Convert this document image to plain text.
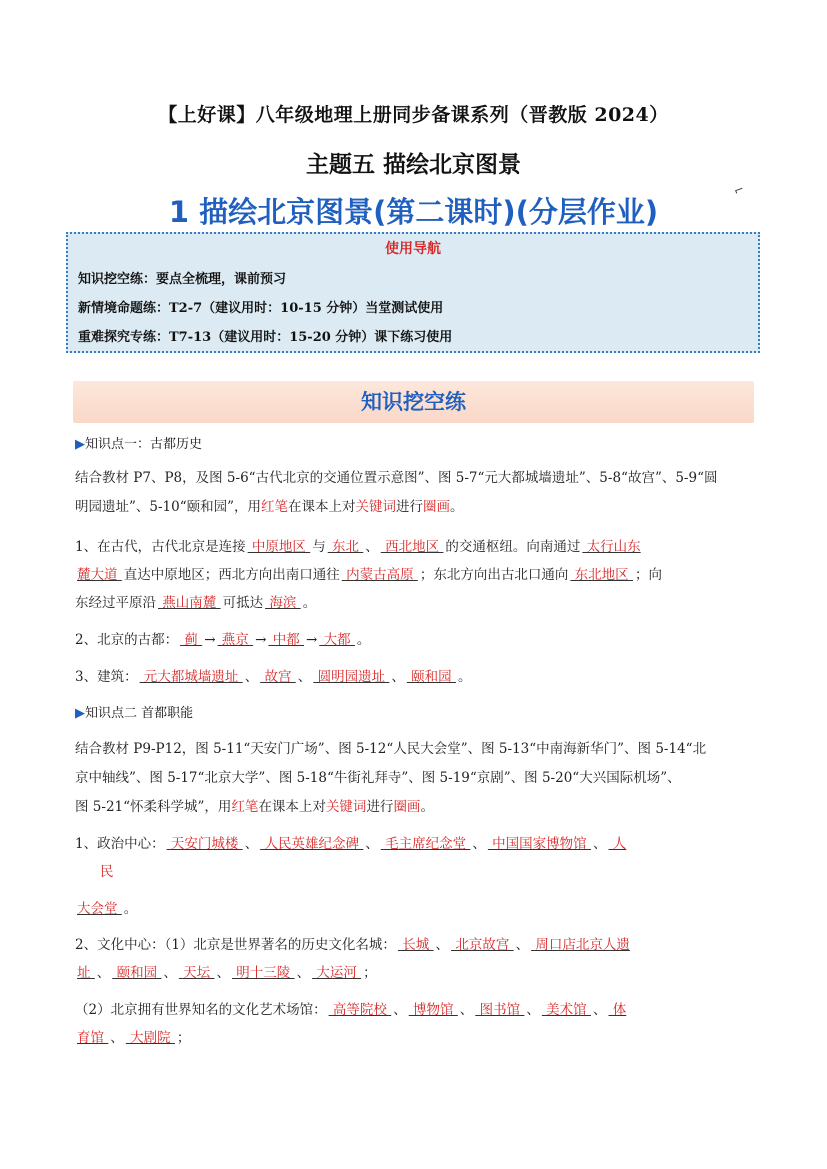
【上好课】八年级地理上册同步备课系列（晋教版 2024）
主题五 描绘北京图景
1 描绘北京图景(第二课时)(分层作业)
⌐
使用导航
知识挖空练：要点全梳理，课前预习
新情境命题练：T2-7（建议用时：10-15 分钟）当堂测试使用
重难探究专练：T7-13（建议用时：15-20 分钟）课下练习使用
知识挖空练
▶知识点一：古都历史
结合教材 P7、P8，及图 5-6“古代北京的交通位置示意图”、图 5-7“元大都城墙遗址”、5-8“故宫”、5-9“圆
明园遗址”、5-10“颐和园”，用红笔在课本上对关键词进行圈画。
1、在古代，古代北京是连接 中原地区 与 东北 、 西北地区 的交通枢纽。向南通过 太行山东
麓大道 直达中原地区；西北方向出南口通往 内蒙古高原 ；东北方向出古北口通向 东北地区 ；向
东经过平原沿 燕山南麓 可抵达 海滨 。
2、北京的古都： 蓟 → 燕京 → 中都 → 大都 。
3、建筑： 元大都城墙遗址 、 故宫 、 圆明园遗址 、 颐和园 。
▶知识点二 首都职能
结合教材 P9-P12，图 5-11“天安门广场”、图 5-12“人民大会堂”、图 5-13“中南海新华门”、图 5-14“北
京中轴线”、图 5-17“北京大学”、图 5-18“牛街礼拜寺”、图 5-19“京剧”、图 5-20“大兴国际机场”、
图 5-21“怀柔科学城”，用红笔在课本上对关键词进行圈画。
1、政治中心： 天安门城楼 、 人民英雄纪念碑 、 毛主席纪念堂 、 中国国家博物馆 、 人
民
大会堂 。
2、文化中心：（1）北京是世界著名的历史文化名城： 长城 、 北京故宫 、 周口店北京人遗
址 、 颐和园 、 天坛 、 明十三陵 、 大运河 ；
（2）北京拥有世界知名的文化艺术场馆： 高等院校 、 博物馆 、 图书馆 、 美术馆 、 体
育馆 、 大剧院 ；
